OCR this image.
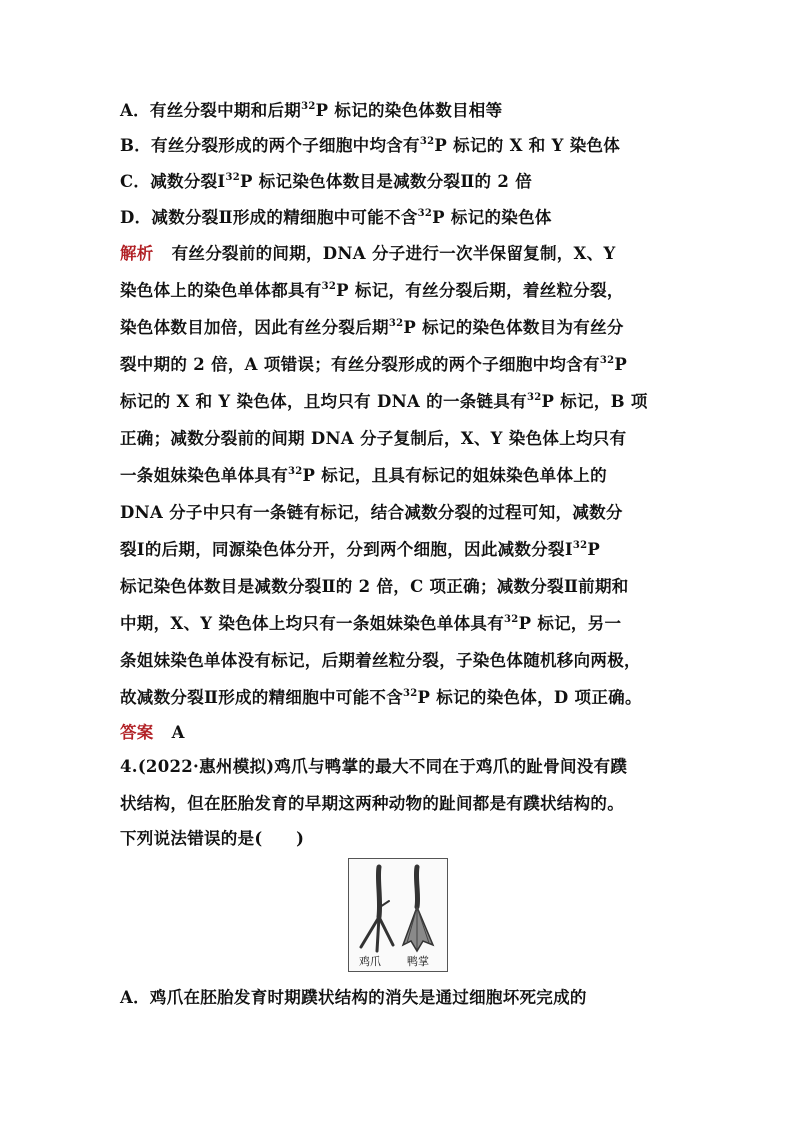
A．有丝分裂中期和后期$^{32}$P 标记的染色体数目相等
B．有丝分裂形成的两个子细胞中均含有$^{32}$P 标记的 X 和 Y 染色体
C．减数分裂Ⅰ$^{32}$P 标记染色体数目是减数分裂Ⅱ的 2 倍
D．减数分裂Ⅱ形成的精细胞中可能不含$^{32}$P 标记的染色体
解析 有丝分裂前的间期，DNA 分子进行一次半保留复制，X、Y
染色体上的染色单体都具有$^{32}$P 标记，有丝分裂后期，着丝粒分裂，
染色体数目加倍，因此有丝分裂后期$^{32}$P 标记的染色体数目为有丝分
裂中期的 2 倍，A 项错误；有丝分裂形成的两个子细胞中均含有$^{32}$P
标记的 X 和 Y 染色体，且均只有 DNA 的一条链具有$^{32}$P 标记，B 项
正确；减数分裂前的间期 DNA 分子复制后，X、Y 染色体上均只有
一条姐妹染色单体具有$^{32}$P 标记，且具有标记的姐妹染色单体上的
DNA 分子中只有一条链有标记，结合减数分裂的过程可知，减数分
裂Ⅰ的后期，同源染色体分开，分到两个细胞，因此减数分裂Ⅰ$^{32}$P
标记染色体数目是减数分裂Ⅱ的 2 倍，C 项正确；减数分裂Ⅱ前期和
中期，X、Y 染色体上均只有一条姐妹染色单体具有$^{32}$P 标记，另一
条姐妹染色单体没有标记，后期着丝粒分裂，子染色体随机移向两极，
故减数分裂Ⅱ形成的精细胞中可能不含$^{32}$P 标记的染色体，D 项正确。
答案 A
4.(2022·惠州模拟)鸡爪与鸭掌的最大不同在于鸡爪的趾骨间没有蹼
状结构，但在胚胎发育的早期这两种动物的趾间都是有蹼状结构的。
下列说法错误的是(　　)
鸡爪 鸭掌
A．鸡爪在胚胎发育时期蹼状结构的消失是通过细胞坏死完成的
